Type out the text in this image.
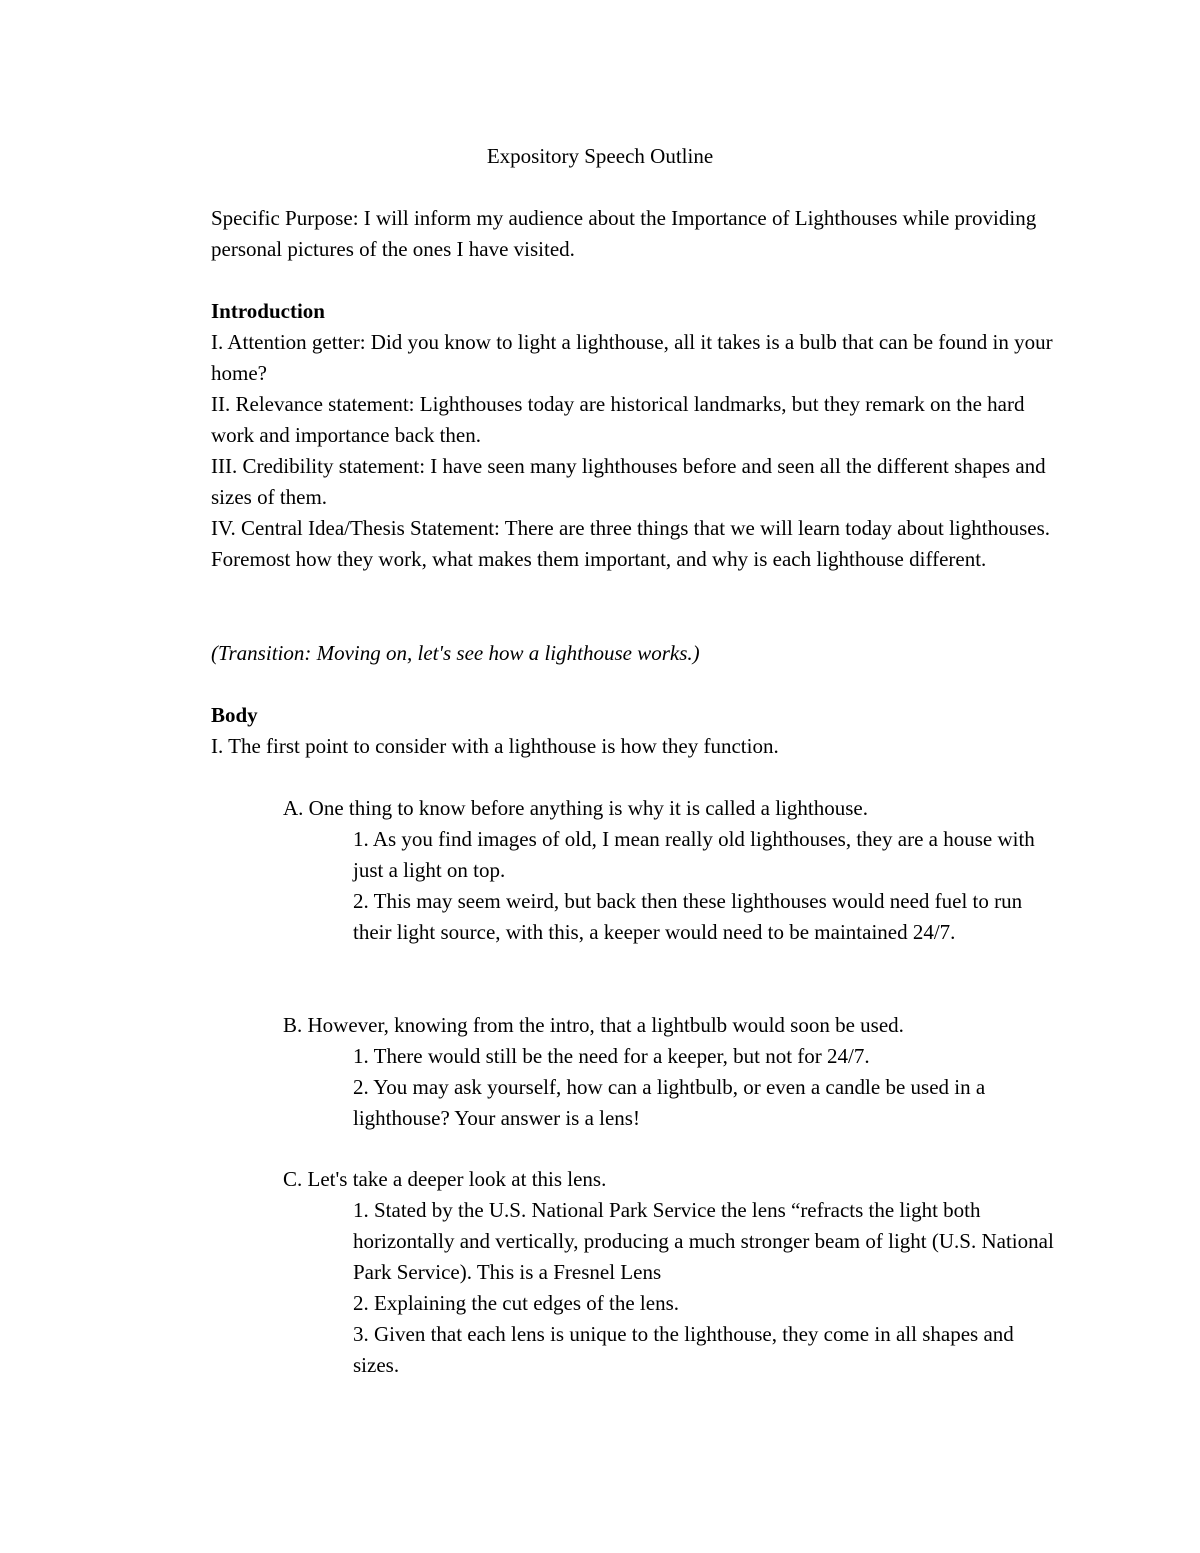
Expository Speech Outline

Specific Purpose: I will inform my audience about the Importance of Lighthouses while providing personal pictures of the ones I have visited.

Introduction

I. Attention getter: Did you know to light a lighthouse, all it takes is a bulb that can be found in your home?

II. Relevance statement: Lighthouses today are historical landmarks, but they remark on the hard work and importance back then.

III. Credibility statement: I have seen many lighthouses before and seen all the different shapes and sizes of them.

IV. Central Idea/Thesis Statement: There are three things that we will learn today about lighthouses. Foremost how they work, what makes them important, and why is each lighthouse different.

(Transition: Moving on, let's see how a lighthouse works.)

Body

I. The first point to consider with a lighthouse is how they function.

A. One thing to know before anything is why it is called a lighthouse.
1. As you find images of old, I mean really old lighthouses, they are a house with just a light on top.
2. This may seem weird, but back then these lighthouses would need fuel to run their light source, with this, a keeper would need to be maintained 24/7.
B. However, knowing from the intro, that a lightbulb would soon be used.
1. There would still be the need for a keeper, but not for 24/7.
2. You may ask yourself, how can a lightbulb, or even a candle be used in a lighthouse? Your answer is a lens!
C. Let's take a deeper look at this lens.
1. Stated by the U.S. National Park Service the lens “refracts the light both horizontally and vertically, producing a much stronger beam of light (U.S. National Park Service). This is a Fresnel Lens
2. Explaining the cut edges of the lens.
3. Given that each lens is unique to the lighthouse, they come in all shapes and sizes.
